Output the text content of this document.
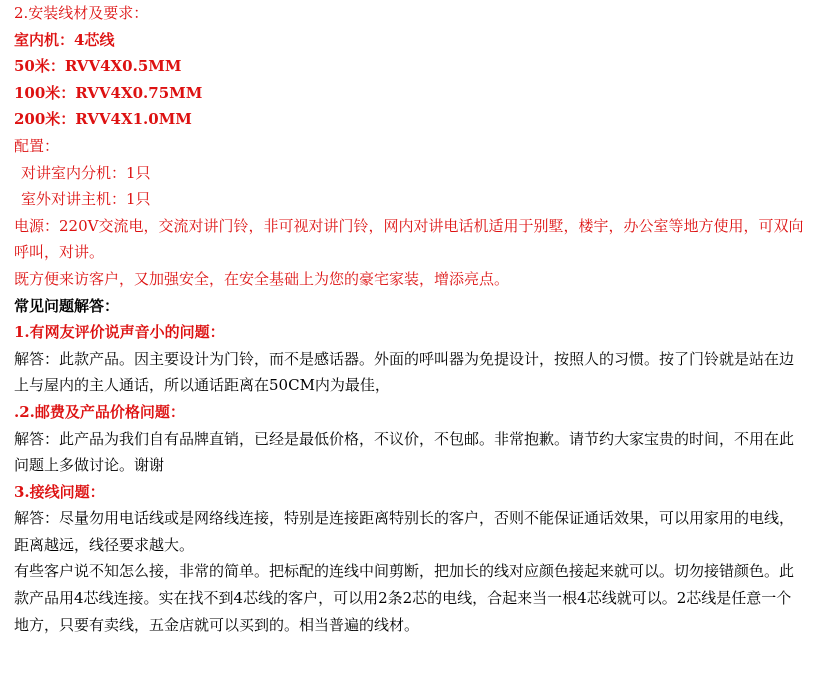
2.安装线材及要求：
室内机：4芯线
50米：RVV4X0.5MM
100米：RVV4X0.75MM
200米：RVV4X1.0MM
配置：
对讲室内分机：1只
室外对讲主机：1只
电源：220V交流电，交流对讲门铃，非可视对讲门铃，网内对讲电话机适用于别墅，楼宇，办公室等地方使用，可双向呼叫，对讲。
既方便来访客户，又加强安全，在安全基础上为您的豪宅家装，增添亮点。
常见问题解答：
1.有网友评价说声音小的问题：
解答：此款产品。因主要设计为门铃，而不是感话器。外面的呼叫器为免提设计，按照人的习惯。按了门铃就是站在边上与屋内的主人通话，所以通话距离在50CM内为最佳，
.2.邮费及产品价格问题：
解答：此产品为我们自有品牌直销，已经是最低价格，不议价，不包邮。非常抱歉。请节约大家宝贵的时间，不用在此问题上多做讨论。谢谢
3.接线问题：
解答：尽量勿用电话线或是网络线连接，特别是连接距离特别长的客户，否则不能保证通话效果，可以用家用的电线，距离越远，线径要求越大。
有些客户说不知怎么接，非常的简单。把标配的连线中间剪断，把加长的线对应颜色接起来就可以。切勿接错颜色。此款产品用4芯线连接。实在找不到4芯线的客户，可以用2条2芯的电线，合起来当一根4芯线就可以。2芯线是任意一个地方，只要有卖线，五金店就可以买到的。相当普遍的线材。
